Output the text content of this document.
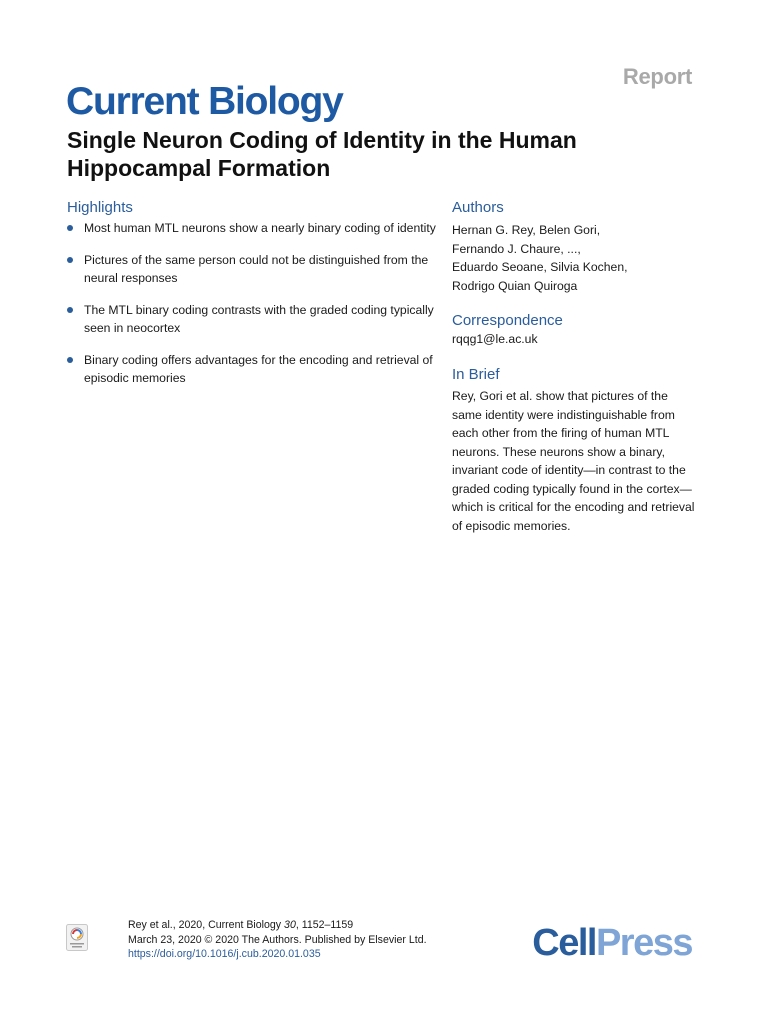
Report
Current Biology
Single Neuron Coding of Identity in the Human Hippocampal Formation
Highlights
Most human MTL neurons show a nearly binary coding of identity
Pictures of the same person could not be distinguished from the neural responses
The MTL binary coding contrasts with the graded coding typically seen in neocortex
Binary coding offers advantages for the encoding and retrieval of episodic memories
Authors

Hernan G. Rey, Belen Gori,
Fernando J. Chaure, ...,
Eduardo Seoane, Silvia Kochen,
Rodrigo Quian Quiroga

Correspondence

rqqg1@le.ac.uk

In Brief

Rey, Gori et al. show that pictures of the same identity were indistinguishable from each other from the firing of human MTL neurons. These neurons show a binary, invariant code of identity—in contrast to the graded coding typically found in the cortex—which is critical for the encoding and retrieval of episodic memories.

Rey et al., 2020, Current Biology 30, 1152–1159
March 23, 2020 © 2020 The Authors. Published by Elsevier Ltd.
https://doi.org/10.1016/j.cub.2020.01.035	CellPress
